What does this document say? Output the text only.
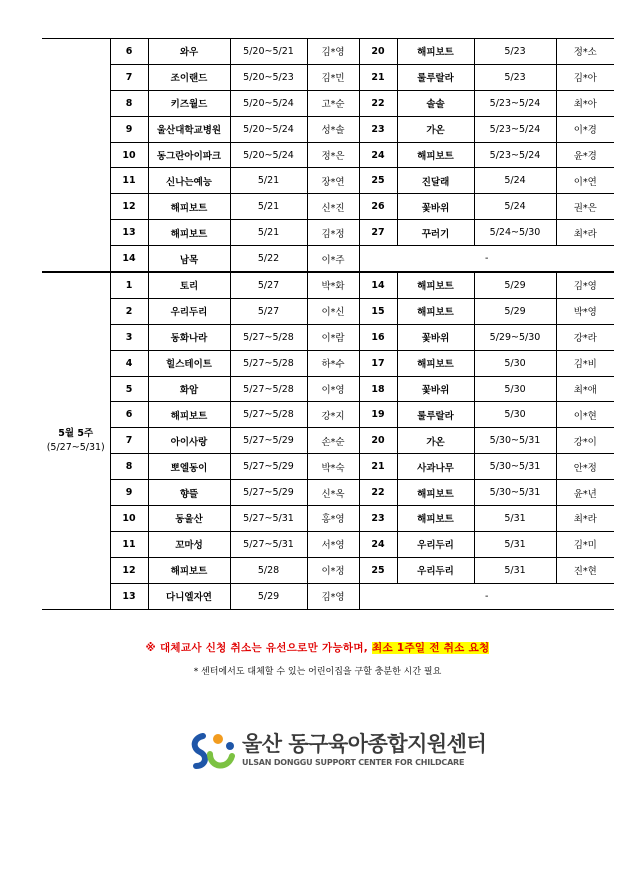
	6	와우	5/20~5/21	김*영	20	해피보트	5/23	정*소
	7	조이랜드	5/20~5/23	김*민	21	룰루랄라	5/23	김*아
	8	키즈월드	5/20~5/24	고*순	22	솔솔	5/23~5/24	최*아
	9	울산대학교병원	5/20~5/24	성*솔	23	가온	5/23~5/24	이*경
	10	동그란아이파크	5/20~5/24	정*은	24	해피보트	5/23~5/24	윤*경
	11	신나는예능	5/21	장*연	25	진달래	5/24	이*연
	12	해피보트	5/21	신*진	26	꽃바위	5/24	권*은
	13	해피보트	5/21	김*정	27	꾸러기	5/24~5/30	최*라
	14	남목	5/22	이*주	-			

5월 5주
(5/27~5/31)	1	토리	5/27	박*화	14	해피보트	5/29	김*영
	2	우리두리	5/27	이*신	15	해피보트	5/29	박*영
	3	동화나라	5/27~5/28	이*람	16	꽃바위	5/29~5/30	강*라
	4	힐스테이트	5/27~5/28	하*수	17	해피보트	5/30	김*비
	5	화암	5/27~5/28	이*영	18	꽃바위	5/30	최*애
	6	해피보트	5/27~5/28	강*지	19	룰루랄라	5/30	이*현
	7	아이사랑	5/27~5/29	손*순	20	가온	5/30~5/31	강*이
	8	뽀엘동이	5/27~5/29	박*숙	21	사과나무	5/30~5/31	안*정
	9	향뜰	5/27~5/29	신*옥	22	해피보트	5/30~5/31	윤*년
	10	동울산	5/27~5/31	홍*영	23	해피보트	5/31	최*라
	11	꼬마성	5/27~5/31	서*영	24	우리두리	5/31	김*미
	12	해피보트	5/28	이*정	25	우리두리	5/31	진*현
	13	다니엘자연	5/29	김*영	-			
※ 대체교사 신청 취소는 유선으로만 가능하며, 최소 1주일 전 취소 요청
* 센터에서도 대체할 수 있는 어린이집을 구할 충분한 시간 필요
울산 동구육아종합지원센터
ULSAN DONGGU SUPPORT CENTER FOR CHILDCARE
